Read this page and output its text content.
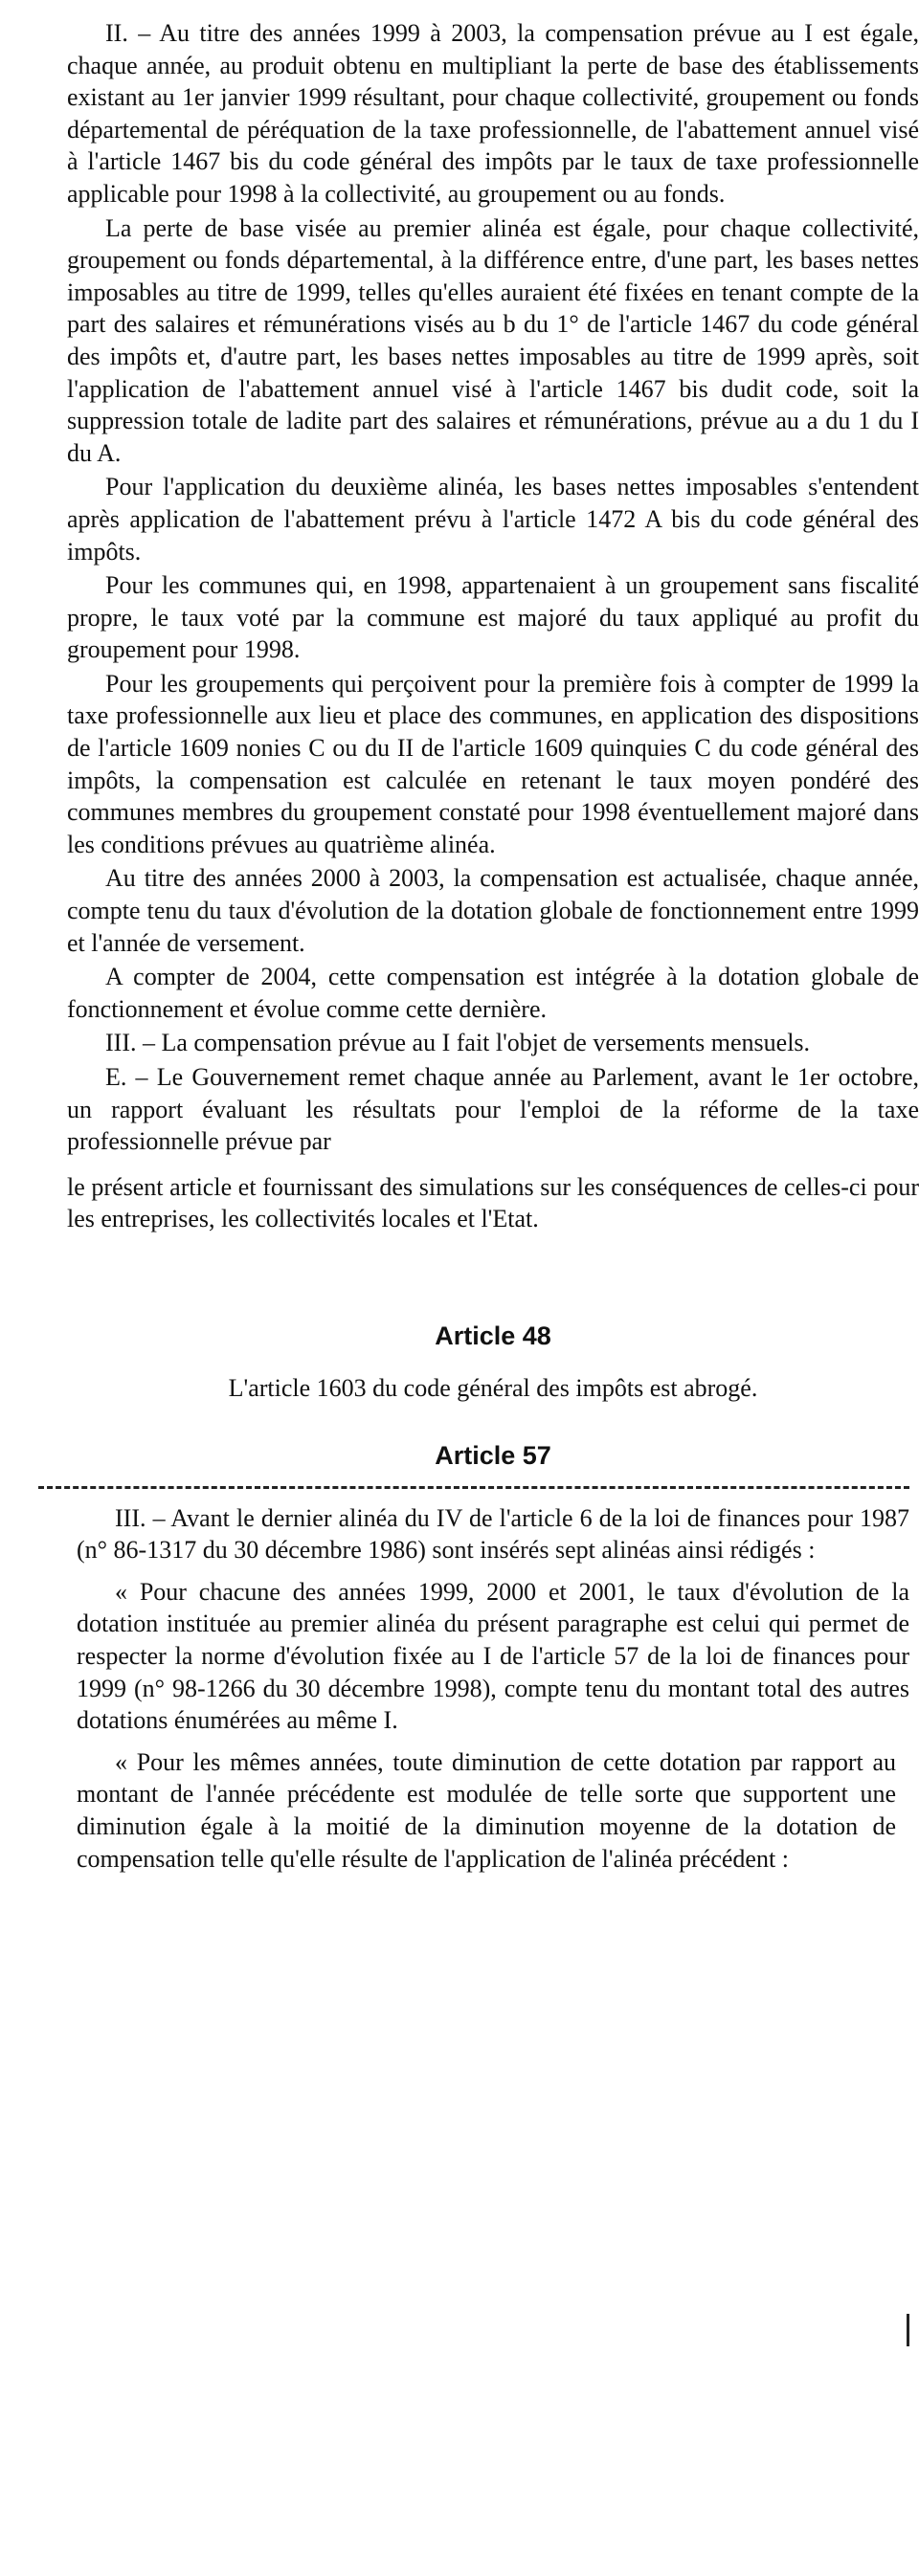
II. – Au titre des années 1999 à 2003, la compensation prévue au I est égale, chaque année, au produit obtenu en multipliant la perte de base des établissements existant au 1er janvier 1999 résultant, pour chaque collectivité, groupement ou fonds départemental de péréquation de la taxe professionnelle, de l'abattement annuel visé à l'article 1467 bis du code général des impôts par le taux de taxe professionnelle applicable pour 1998 à la collectivité, au groupement ou au fonds.

La perte de base visée au premier alinéa est égale, pour chaque collectivité, groupement ou fonds départemental, à la différence entre, d'une part, les bases nettes imposables au titre de 1999, telles qu'elles auraient été fixées en tenant compte de la part des salaires et rémunérations visés au b du 1° de l'article 1467 du code général des impôts et, d'autre part, les bases nettes imposables au titre de 1999 après, soit l'application de l'abattement annuel visé à l'article 1467 bis dudit code, soit la suppression totale de ladite part des salaires et rémunérations, prévue au a du 1 du I du A.

Pour l'application du deuxième alinéa, les bases nettes imposables s'entendent après application de l'abattement prévu à l'article 1472 A bis du code général des impôts.

Pour les communes qui, en 1998, appartenaient à un groupement sans fiscalité propre, le taux voté par la commune est majoré du taux appliqué au profit du groupement pour 1998.

Pour les groupements qui perçoivent pour la première fois à compter de 1999 la taxe professionnelle aux lieu et place des communes, en application des dispositions de l'article 1609 nonies C ou du II de l'article 1609 quinquies C du code général des impôts, la compensation est calculée en retenant le taux moyen pondéré des communes membres du groupement constaté pour 1998 éventuellement majoré dans les conditions prévues au quatrième alinéa.

Au titre des années 2000 à 2003, la compensation est actualisée, chaque année, compte tenu du taux d'évolution de la dotation globale de fonctionnement entre 1999 et l'année de versement.

A compter de 2004, cette compensation est intégrée à la dotation globale de fonctionnement et évolue comme cette dernière.

III. – La compensation prévue au I fait l'objet de versements mensuels.

E. – Le Gouvernement remet chaque année au Parlement, avant le 1er octobre, un rapport évaluant les résultats pour l'emploi de la réforme de la taxe professionnelle prévue par

le présent article et fournissant des simulations sur les conséquences de celles-ci pour les entreprises, les collectivités locales et l'Etat.

Article 48

L'article 1603 du code général des impôts est abrogé.

Article 57

III. – Avant le dernier alinéa du IV de l'article 6 de la loi de finances pour 1987 (n° 86-1317 du 30 décembre 1986) sont insérés sept alinéas ainsi rédigés :

« Pour chacune des années 1999, 2000 et 2001, le taux d'évolution de la dotation instituée au premier alinéa du présent paragraphe est celui qui permet de respecter la norme d'évolution fixée au I de l'article 57 de la loi de finances pour 1999 (n° 98-1266 du 30 décembre 1998), compte tenu du montant total des autres dotations énumérées au même I.

« Pour les mêmes années, toute diminution de cette dotation par rapport au montant de l'année précédente est modulée de telle sorte que supportent une diminution égale à la moitié de la diminution moyenne de la dotation de compensation telle qu'elle résulte de l'application de l'alinéa précédent :
